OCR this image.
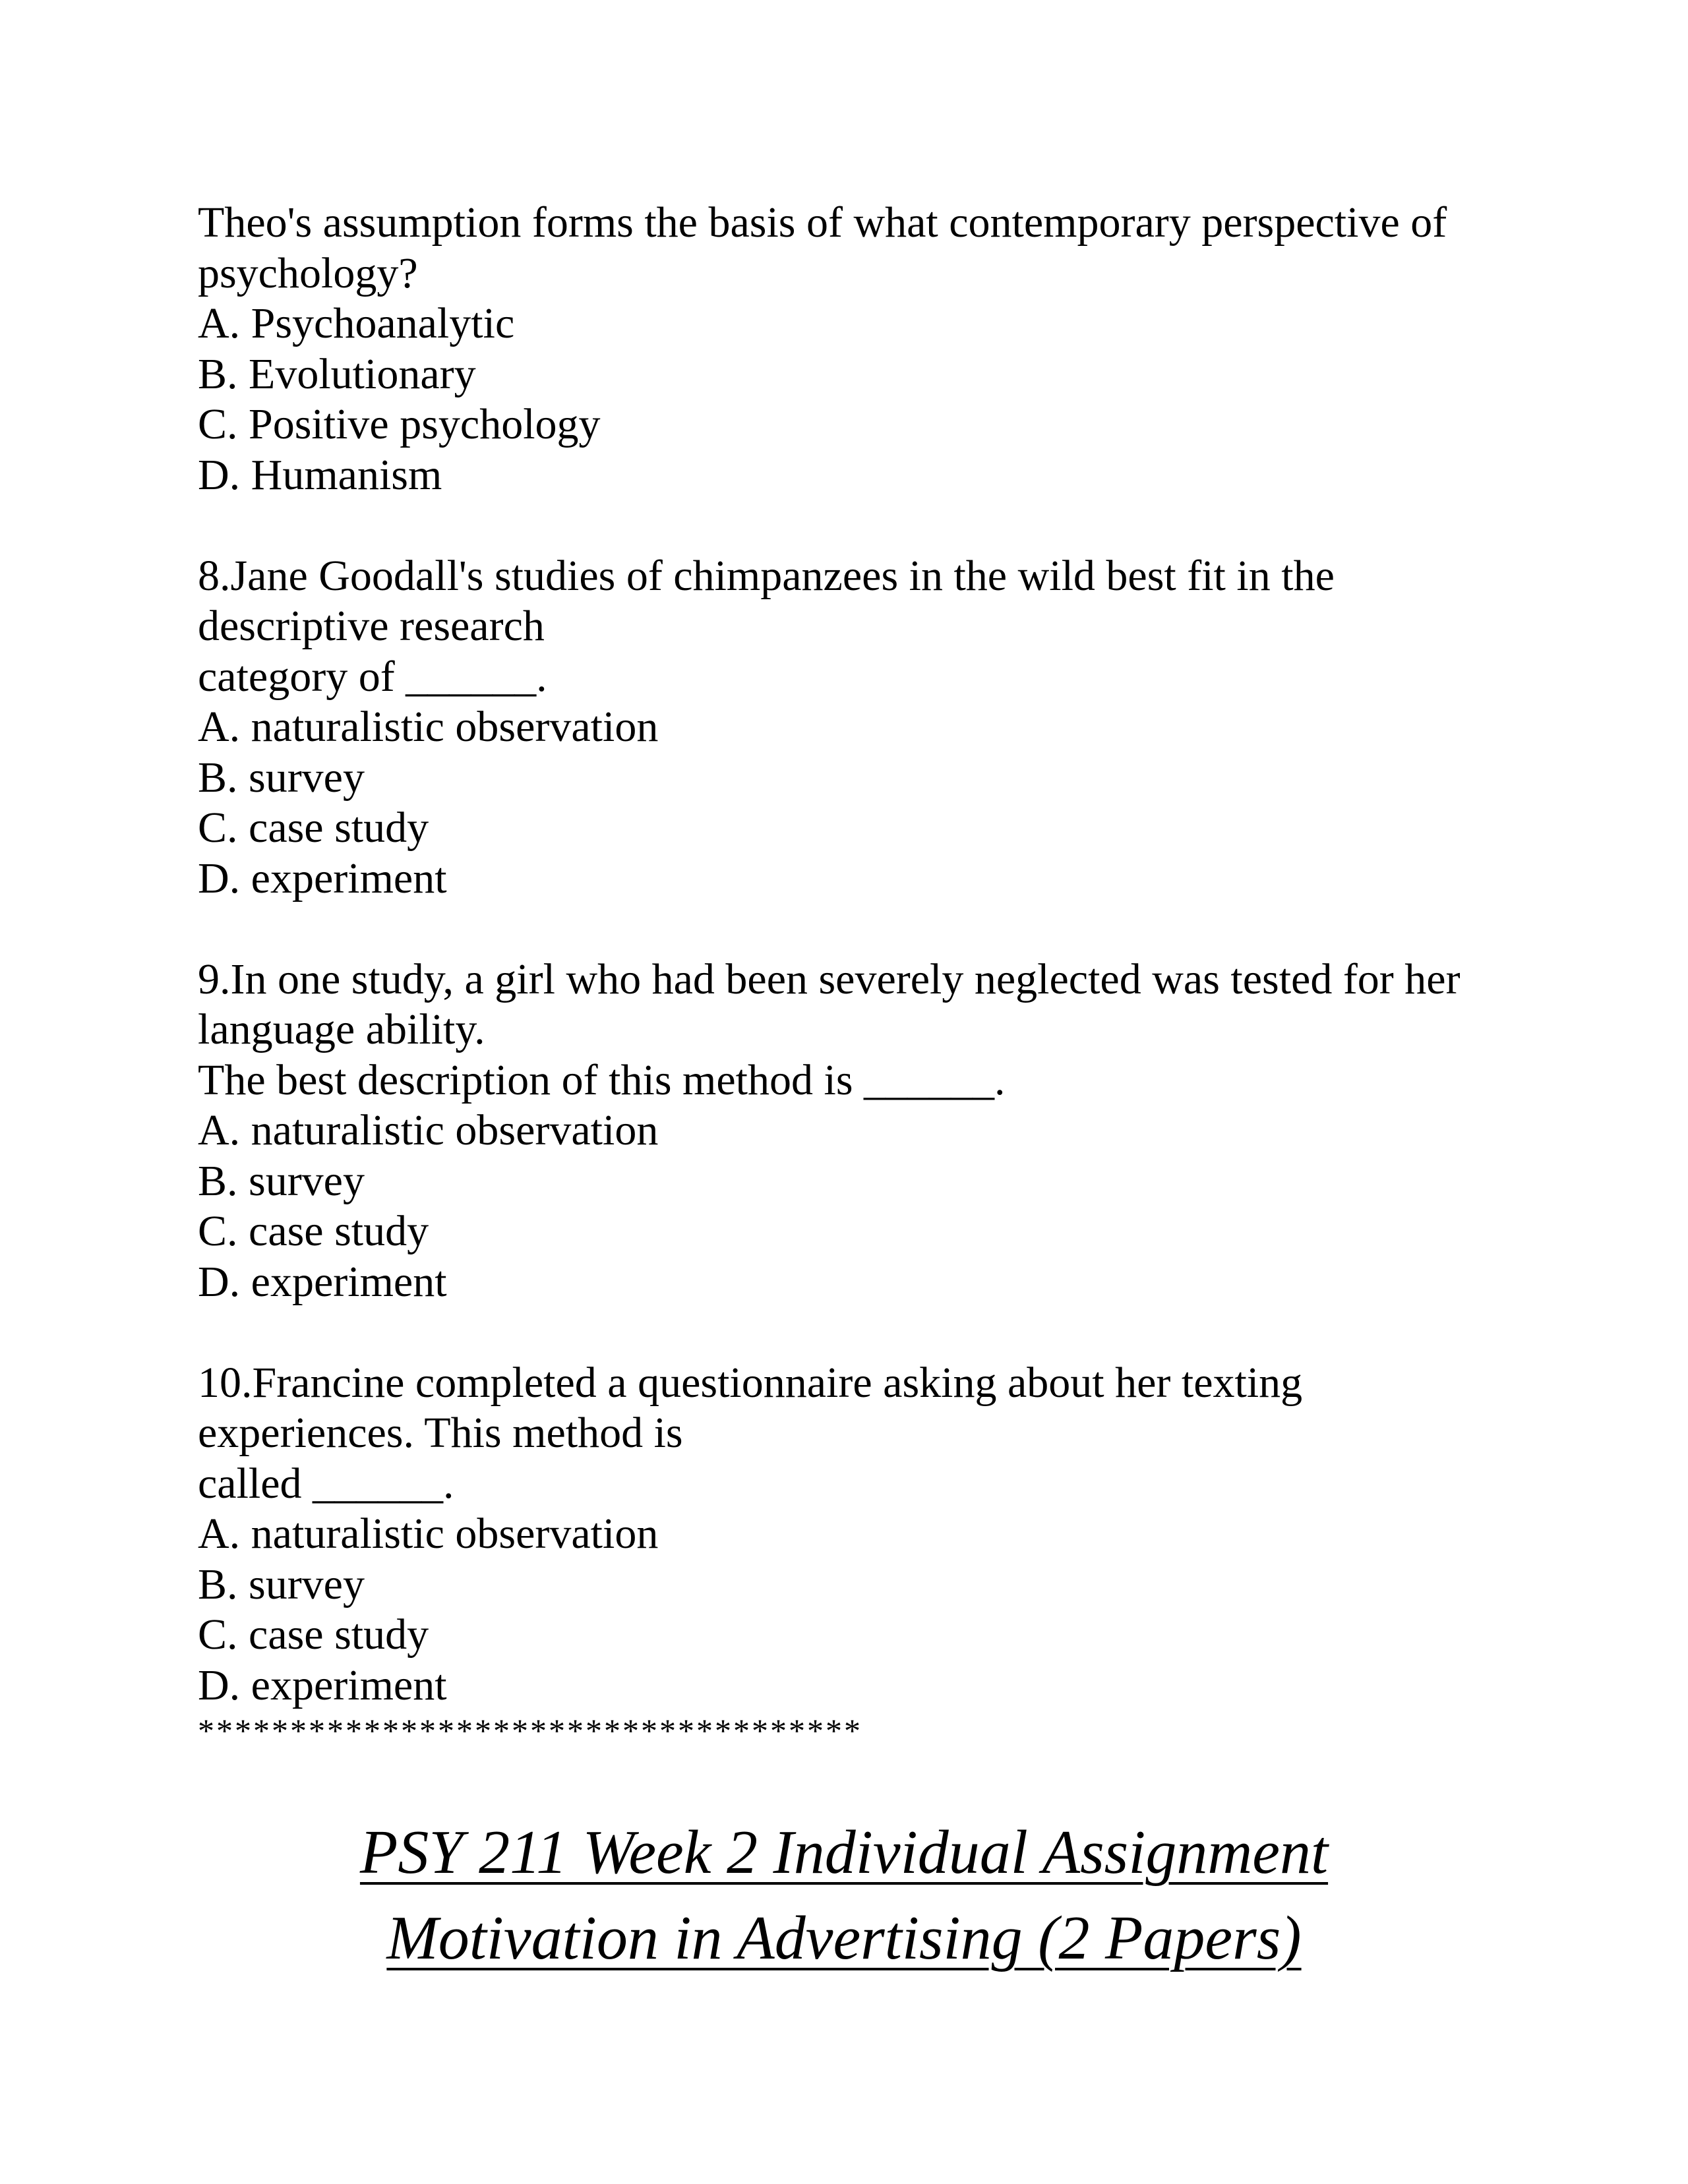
Theo's assumption forms the basis of what contemporary perspective of
psychology?
A. Psychoanalytic
B. Evolutionary
C. Positive psychology
D. Humanism
8.Jane Goodall's studies of chimpanzees in the wild best fit in the
descriptive research
category of ______.
A. naturalistic observation
B. survey
C. case study
D. experiment
9.In one study, a girl who had been severely neglected was tested for her
language ability.
The best description of this method is ______.
A. naturalistic observation
B. survey
C. case study
D. experiment
10.Francine completed a questionnaire asking about her texting
experiences. This method is
called ______.
A. naturalistic observation
B. survey
C. case study
D. experiment
************************************
PSY 211 Week 2 Individual Assignment
Motivation in Advertising (2 Papers)
